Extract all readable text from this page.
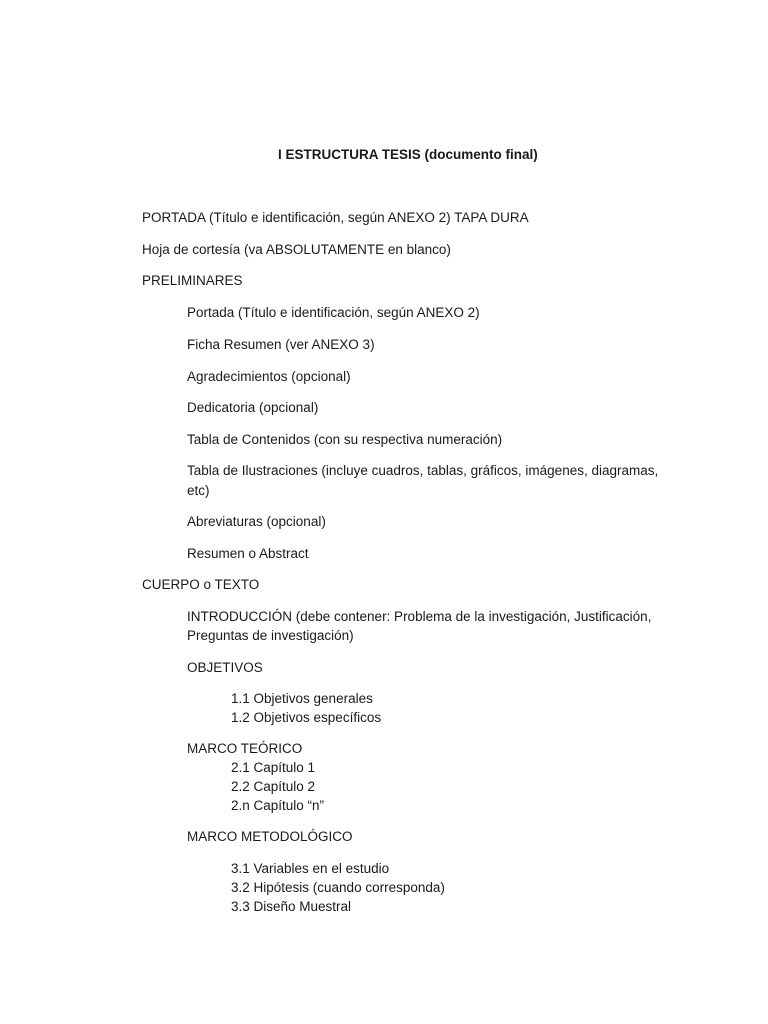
I ESTRUCTURA TESIS (documento final)
PORTADA (Título e identificación, según ANEXO 2) TAPA DURA
Hoja de cortesía (va ABSOLUTAMENTE en blanco)
PRELIMINARES
Portada (Título e identificación, según ANEXO 2)
Ficha Resumen (ver ANEXO 3)
Agradecimientos (opcional)
Dedicatoria (opcional)
Tabla de Contenidos (con su respectiva numeración)
Tabla de Ilustraciones (incluye cuadros, tablas, gráficos, imágenes, diagramas,
etc)
Abreviaturas (opcional)
Resumen o Abstract
CUERPO o TEXTO
INTRODUCCIÓN (debe contener: Problema de la investigación, Justificación,
Preguntas de investigación)
OBJETIVOS
1.1 Objetivos generales
1.2 Objetivos específicos
MARCO TEÓRICO
2.1 Capítulo 1
2.2 Capítulo 2
2.n Capítulo “n”
MARCO METODOLÓGICO
3.1 Variables en el estudio
3.2 Hipótesis (cuando corresponda)
3.3 Diseño Muestral
